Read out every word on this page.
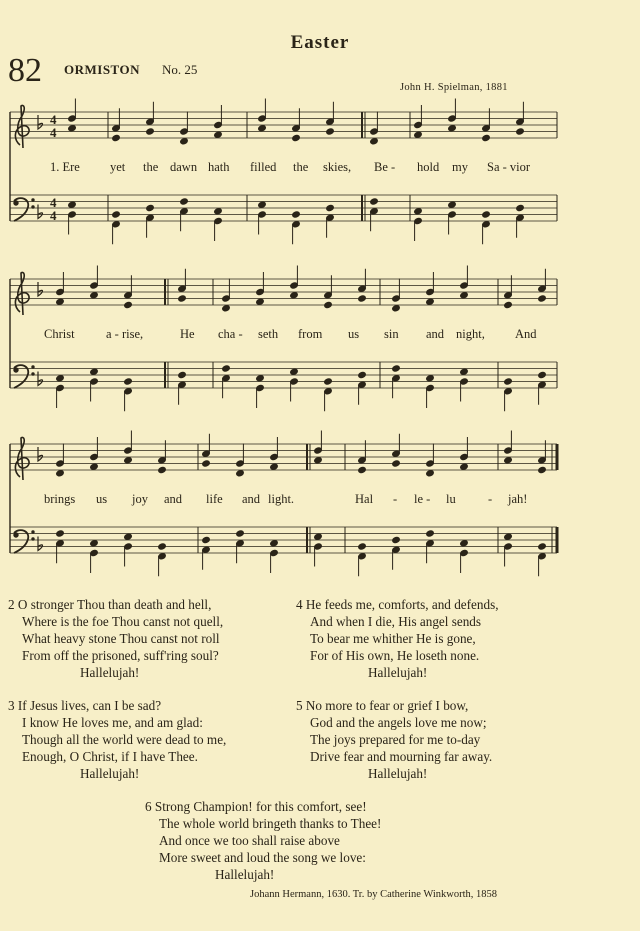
Easter
82 ORMISTON No. 25
John H. Spielman, 1881
4
4
4
4
1. Ere yet the dawn hath filled the skies, Be - hold my Sa - vior
Christ	a - rise,	He cha - seth from us sin and night, And
brings us joy and life and light.	Hal - le - lu	- jah!
2 O stronger Thou than death and hell,
Where is the foe Thou canst not quell,
What heavy stone Thou canst not roll
From off the prisoned, suff'ring soul?
Hallelujah!
4 He feeds me, comforts, and defends,
And when I die, His angel sends
To bear me whither He is gone,
For of His own, He loseth none.
Hallelujah!
3 If Jesus lives, can I be sad?
I know He loves me, and am glad:
Though all the world were dead to me,
Enough, O Christ, if I have Thee.
Hallelujah!
5 No more to fear or grief I bow,
God and the angels love me now;
The joys prepared for me to-day
Drive fear and mourning far away.
Hallelujah!
6 Strong Champion! for this comfort, see!
The whole world bringeth thanks to Thee!
And once we too shall raise above
More sweet and loud the song we love:
Hallelujah!
Johann Hermann, 1630. Tr. by Catherine Winkworth, 1858
